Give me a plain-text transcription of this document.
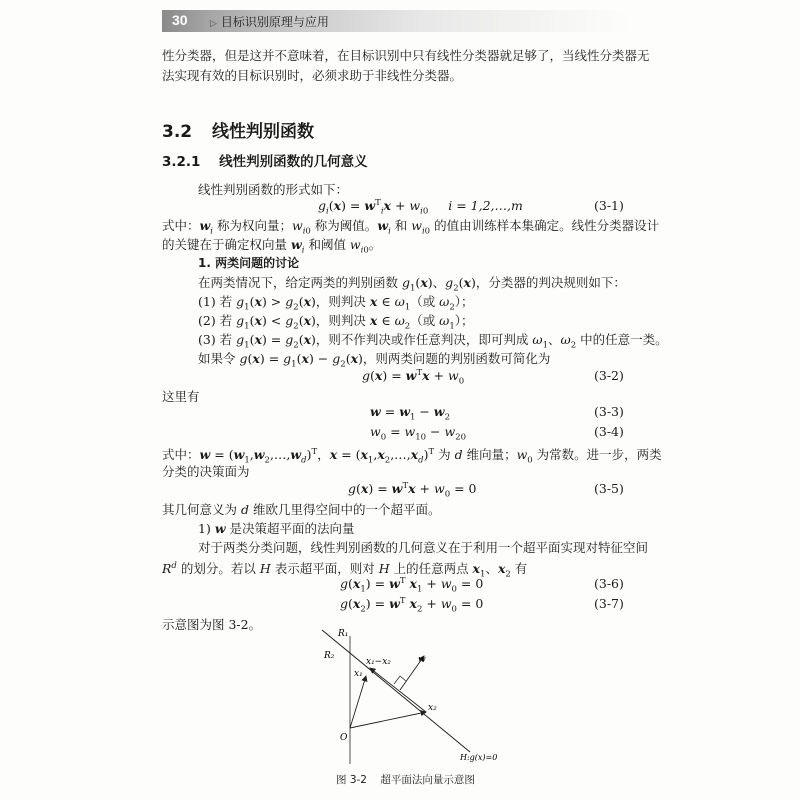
30 ▷ 目标识别原理与应用
性分类器，但是这并不意味着，在目标识别中只有线性分类器就足够了，当线性分类器无
法实现有效的目标识别时，必须求助于非线性分类器。
3.2 线性判别函数
3.2.1 线性判别函数的几何意义
线性判别函数的形式如下：
$g_i(x) = w^T_ix + w_{i0}$ i = 1,2,…,m	(3-1)
式中：$w_i$ 称为权向量；$w_{i0}$ 称为阈值。$w_i$ 和 $w_{i0}$ 的值由训练样本集确定。线性分类器设计
的关键在于确定权向量 $w_i$ 和阈值 $w_{i0}$。
1. 两类问题的讨论
在两类情况下，给定两类的判别函数 $g_1(x)$、$g_2(x)$，分类器的判决规则如下：
(1) 若 $g_1(x) > g_2(x)$，则判决 x ∈ $\omega_1$（或 $\omega_2$）；
(2) 若 $g_1(x) < g_2(x)$，则判决 x ∈ $\omega_2$（或 $\omega_1$）；
(3) 若 $g_1(x) = g_2(x)$，则不作判决或作任意判决，即可判成 $\omega_1$、$\omega_2$ 中的任意一类。
如果令 $g(x) = g_1(x) - g_2(x)$，则两类问题的判别函数可简化为
$g(x) = w^Tx + w_0$	(3-2)
这里有
$w = w_1 - w_2$	(3-3)
$w_0 = w_{10} - w_{20}$	(3-4)
式中：$w = (w_1,w_2,\dots,w_d)^T$，$x = (x_1,x_2,\dots,x_d)^T$ 为 d 维向量；$w_0$ 为常数。进一步，两类
分类的决策面为
$g(x) = w^Tx + w_0 = 0$	(3-5)
其几何意义为 d 维欧几里得空间中的一个超平面。
1) w 是决策超平面的法向量
对于两类分类问题，线性判别函数的几何意义在于利用一个超平面实现对特征空间
$R^d$ 的划分。若以 H 表示超平面，则对 H 上的任意两点 $x_1$、$x_2$ 有
$g(x_1) = w^T$ $x_1 + w_0 = 0$	(3-6)
$g(x_2) = w^T$ $x_2 + w_0 = 0$	(3-7)
示意图为图 3-2。
R₁
R₂
x₁−x₂
x₁
x₂
w
O
H:g(x)=0
图 3-2 超平面法向量示意图
